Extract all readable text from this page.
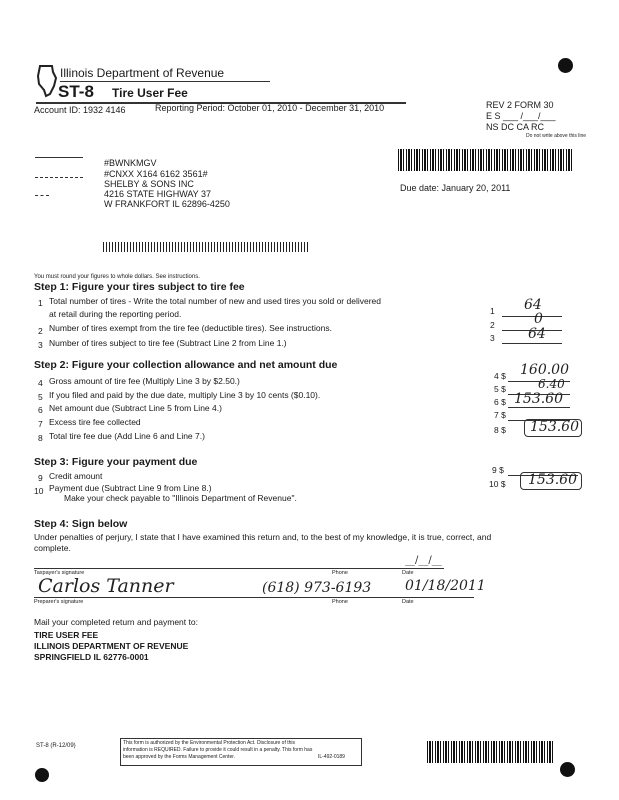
Illinois Department of Revenue
ST-8 Tire User Fee
Account ID: 1932 4146	Reporting Period: October 01, 2010 - December 31, 2010	REV 2 FORM 30
E S ___ /___/___
NS DC CA RC
Do not write above this line
#BWNKMGV
#CNXX X164 6162 3561#
SHELBY & SONS INC
4216 STATE HIGHWAY 37
W FRANKFORT IL 62896-4250
Due date: January 20, 2011
You must round your figures to whole dollars. See instructions.
Step 1: Figure your tires subject to tire fee
1 Total number of tires - Write the total number of new and used tires you sold or delivered
at retail during the reporting period.	1 64
2 Number of tires exempt from the tire fee (deductible tires). See instructions.	2	0
3 Number of tires subject to tire fee (Subtract Line 2 from Line 1.)	3 64
Step 2: Figure your collection allowance and net amount due
4 Gross amount of tire fee (Multiply Line 3 by $2.50.)	4 $ 160.00
5 If you filed and paid by the due date, multiply Line 3 by 10 cents ($0.10).
5 $	6.40
6 Net amount due (Subtract Line 5 from Line 4.)
6 $ 153.60
7 Excess tire fee collected
7 $
8 Total tire fee due (Add Line 6 and Line 7.)
8 $ 153.60
Step 3: Figure your payment due
9 Credit amount
9 $
10 Payment due (Subtract Line 9 from Line 8.)
Make your check payable to "Illinois Department of Revenue".
10 $ 153.60
Step 4: Sign below
Under penalties of perjury, I state that I have examined this return and, to the best of my knowledge, it is true, correct, and
complete.
__/__/__
Taxpayer's signature	Phone	Date
Carlos Tanner	(618) 973-6193 01/18/2011
Preparer's signature	Phone	Date
Mail your completed return and payment to:
TIRE USER FEE
ILLINOIS DEPARTMENT OF REVENUE
SPRINGFIELD IL 62776-0001
ST-8 (R-12/09)	This form is authorized by the Environmental Protection Act. Disclosure of this
information is REQUIRED. Failure to provide it could result in a penalty. This form has
been approved by the Forms Management Center.	IL-492-0189
